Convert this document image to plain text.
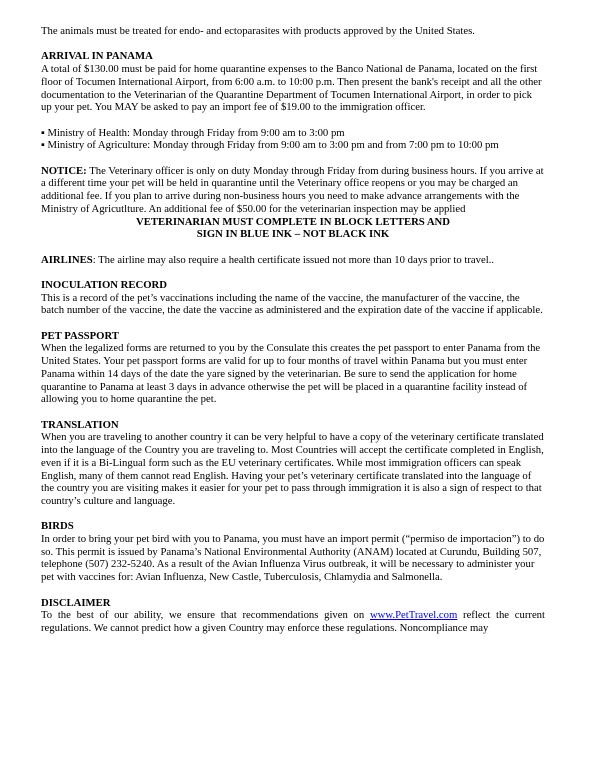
The animals must be treated for endo- and ectoparasites with products approved by the United States.

ARRIVAL IN PANAMA

A total of $130.00 must be paid for home quarantine expenses to the Banco National de Panama, located on the first floor of Tocumen International Airport, from 6:00 a.m. to 10:00 p.m. Then present the bank's receipt and all the other documentation to the Veterinarian of the Quarantine Department of Tocumen International Airport, in order to pick up your pet. You MAY be asked to pay an import fee of $19.00 to the immigration officer.

▪ Ministry of Health: Monday through Friday from 9:00 am to 3:00 pm

▪ Ministry of Agriculture: Monday through Friday from 9:00 am to 3:00 pm and from 7:00 pm to 10:00 pm

NOTICE: The Veterinary officer is only on duty Monday through Friday from during business hours. If you arrive at a different time your pet will be held in quarantine until the Veterinary office reopens or you may be charged an additional fee. If you plan to arrive during non-business hours you need to make advance arrangements with the Ministry of Agricutlture. An additional fee of $50.00 for the veterinarian inspection may be applied

VETERINARIAN MUST COMPLETE IN BLOCK LETTERS AND

SIGN IN BLUE INK – NOT BLACK INK

AIRLINES: The airline may also require a health certificate issued not more than 10 days prior to travel..

INOCULATION RECORD

This is a record of the pet’s vaccinations including the name of the vaccine, the manufacturer of the vaccine, the batch number of the vaccine, the date the vaccine as administered and the expiration date of the vaccine if applicable.

PET PASSPORT

When the legalized forms are returned to you by the Consulate this creates the pet passport to enter Panama from the United States. Your pet passport forms are valid for up to four months of travel within Panama but you must enter Panama within 14 days of the date the yare signed by the veterinarian. Be sure to send the application for home quarantine to Panama at least 3 days in advance otherwise the pet will be placed in a quarantine facility instead of allowing you to home quarantine the pet.

TRANSLATION

When you are traveling to another country it can be very helpful to have a copy of the veterinary certificate translated into the language of the Country you are traveling to. Most Countries will accept the certificate completed in English, even if it is a Bi-Lingual form such as the EU veterinary certificates. While most immigration officers can speak English, many of them cannot read English. Having your pet’s veterinary certificate translated into the language of the country you are visiting makes it easier for your pet to pass through immigration it is also a sign of respect to that country’s culture and language.

BIRDS

In order to bring your pet bird with you to Panama, you must have an import permit (“permiso de importacion”) to do so. This permit is issued by Panama’s National Environmental Authority (ANAM) located at Curundu, Building 507, telephone (507) 232-5240. As a result of the Avian Influenza Virus outbreak, it will be necessary to administer your pet with vaccines for: Avian Influenza, New Castle, Tuberculosis, Chlamydia and Salmonella.

DISCLAIMER

To the best of our ability, we ensure that recommendations given on www.PetTravel.com reflect the current regulations. We cannot predict how a given Country may enforce these regulations. Noncompliance may
